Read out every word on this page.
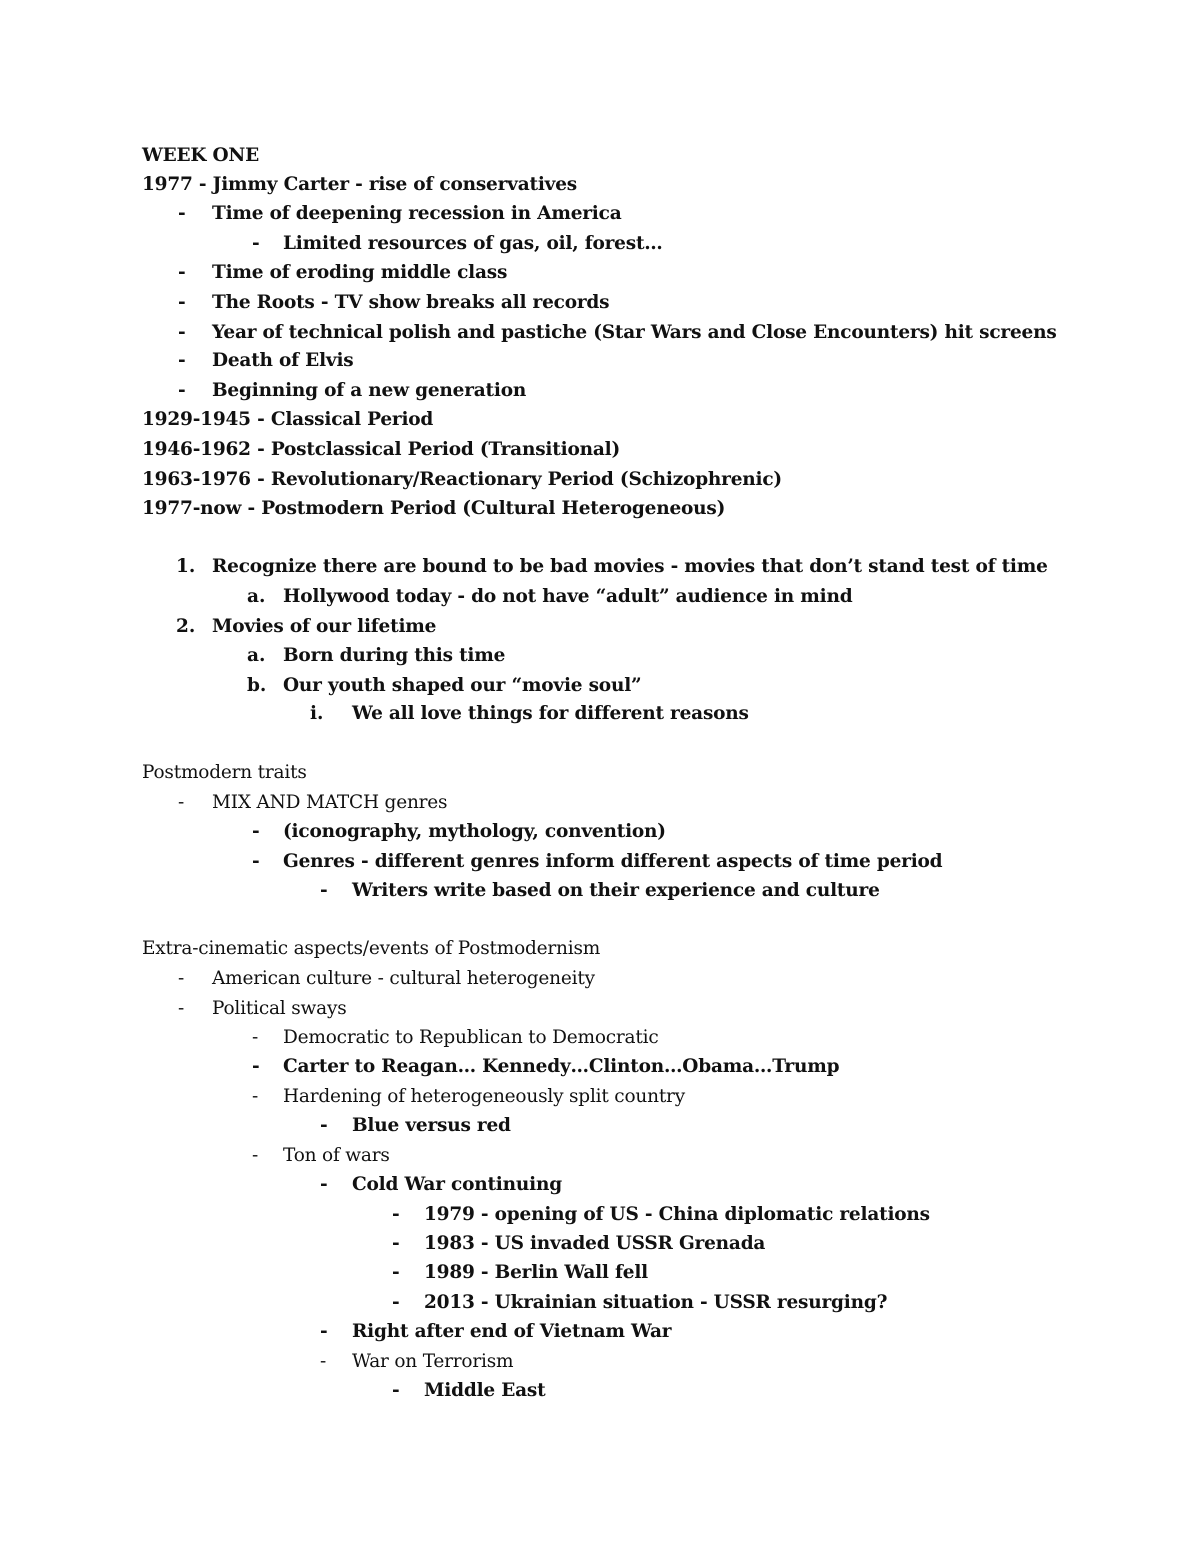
WEEK ONE
1977 - Jimmy Carter - rise of conservatives
- Time of deepening recession in America
- Limited resources of gas, oil, forest…
- Time of eroding middle class
- The Roots - TV show breaks all records
- Year of technical polish and pastiche (Star Wars and Close Encounters) hit screens
- Death of Elvis
- Beginning of a new generation
1929-1945 - Classical Period
1946-1962 - Postclassical Period (Transitional)
1963-1976 - Revolutionary/Reactionary Period (Schizophrenic)
1977-now - Postmodern Period (Cultural Heterogeneous)
1. Recognize there are bound to be bad movies - movies that don’t stand test of time
a. Hollywood today - do not have “adult” audience in mind
2. Movies of our lifetime
a. Born during this time
b. Our youth shaped our “movie soul”
i. We all love things for different reasons
Postmodern traits
- MIX AND MATCH genres
- (iconography, mythology, convention)
- Genres - different genres inform different aspects of time period
- Writers write based on their experience and culture
Extra-cinematic aspects/events of Postmodernism
- American culture - cultural heterogeneity
- Political sways
- Democratic to Republican to Democratic
- Carter to Reagan… Kennedy…Clinton…Obama…Trump
- Hardening of heterogeneously split country
- Blue versus red
- Ton of wars
- Cold War continuing
- 1979 - opening of US - China diplomatic relations
- 1983 - US invaded USSR Grenada
- 1989 - Berlin Wall fell
- 2013 - Ukrainian situation - USSR resurging?
- Right after end of Vietnam War
- War on Terrorism
- Middle East
